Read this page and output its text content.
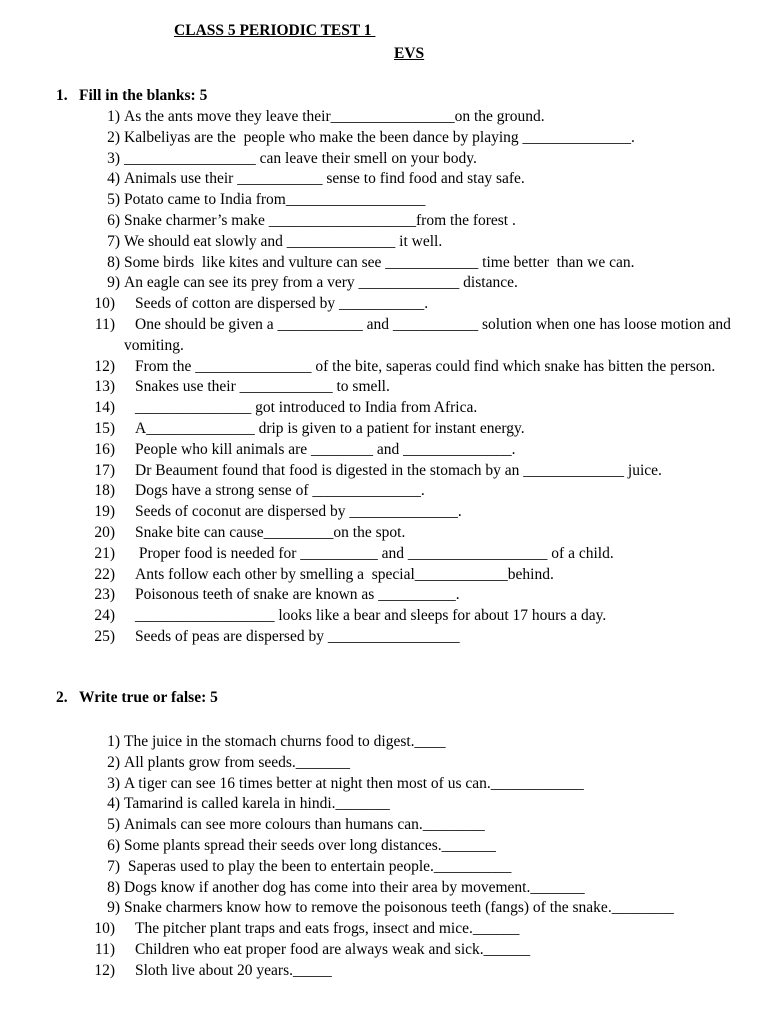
CLASS 5 PERIODIC TEST 1
EVS
1. Fill in the blanks: 5
1) As the ants move they leave their________________on the ground.
2) Kalbeliyas are the  people who make the been dance by playing ______________.
3) _________________ can leave their smell on your body.
4) Animals use their ___________ sense to find food and stay safe.
5) Potato came to India from__________________
6) Snake charmer’s make ___________________from the forest .
7) We should eat slowly and ______________ it well.
8) Some birds  like kites and vulture can see ____________ time better  than we can.
9) An eagle can see its prey from a very _____________ distance.
10)	Seeds of cotton are dispersed by ___________.
11)	One should be given a ___________ and ___________ solution when one has loose motion and vomiting.
12)	From the _______________ of the bite, saperas could find which snake has bitten the person.
13)	Snakes use their ____________ to smell.
14)	_______________ got introduced to India from Africa.
15)	A______________ drip is given to a patient for instant energy.
16)	People who kill animals are ________ and ______________.
17)	Dr Beaument found that food is digested in the stomach by an _____________ juice.
18)	Dogs have a strong sense of ______________.
19)	Seeds of coconut are dispersed by ______________.
20)	Snake bite can cause_________on the spot.
21)	Proper food is needed for __________ and __________________ of a child.
22)	Ants follow each other by smelling a  special____________behind.
23)	Poisonous teeth of snake are known as __________.
24)	__________________ looks like a bear and sleeps for about 17 hours a day.
25)	Seeds of peas are dispersed by _________________
2. Write true or false: 5
1) The juice in the stomach churns food to digest.____
2) All plants grow from seeds._______
3) A tiger can see 16 times better at night then most of us can.____________
4) Tamarind is called karela in hindi._______
5) Animals can see more colours than humans can.________
6) Some plants spread their seeds over long distances._______
7) Saperas used to play the been to entertain people.__________
8) Dogs know if another dog has come into their area by movement._______
9) Snake charmers know how to remove the poisonous teeth (fangs) of the snake.________
10)	The pitcher plant traps and eats frogs, insect and mice.______
11)	Children who eat proper food are always weak and sick.______
12)	Sloth live about 20 years._____
